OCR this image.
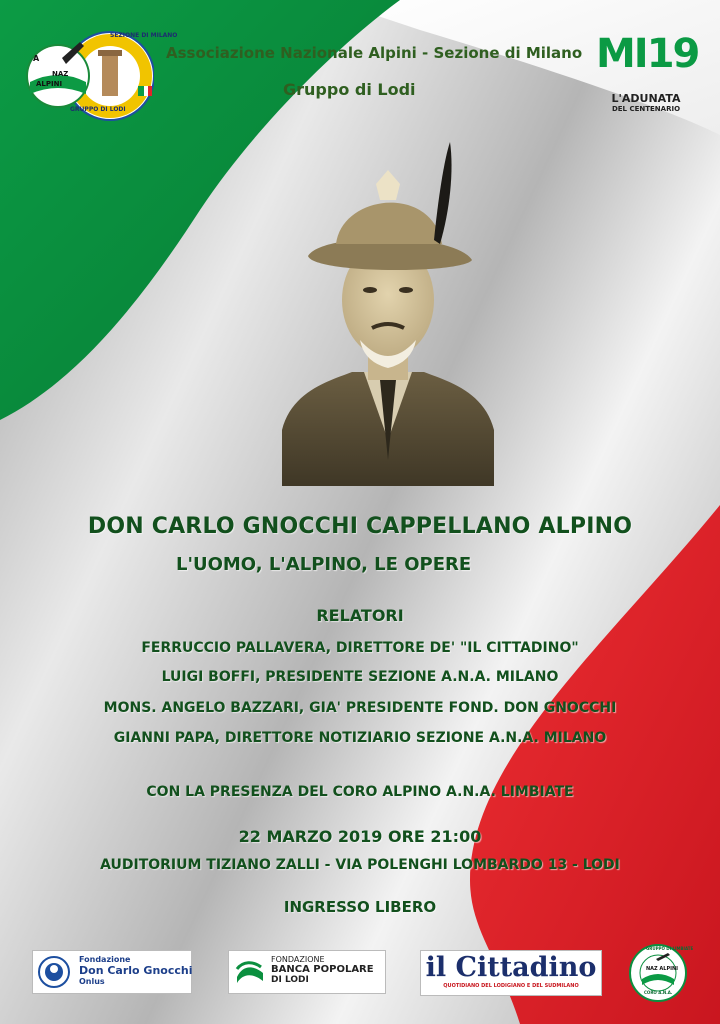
A
NAZ
ALPINI
SEZIONE DI MILANO
GRUPPO DI LODI
Associazione Nazionale Alpini - Sezione di Milano
Gruppo di Lodi
MI19
L'ADUNATA
DEL CENTENARIO
DON CARLO GNOCCHI CAPPELLANO ALPINO
L'UOMO, L'ALPINO, LE OPERE
RELATORI
FERRUCCIO PALLAVERA, DIRETTORE DE' "IL CITTADINO"
LUIGI BOFFI, PRESIDENTE SEZIONE A.N.A. MILANO
MONS. ANGELO BAZZARI, GIA' PRESIDENTE FOND. DON GNOCCHI
GIANNI PAPA, DIRETTORE NOTIZIARIO SEZIONE A.N.A. MILANO
CON LA PRESENZA DEL CORO ALPINO A.N.A. LIMBIATE
22 MARZO 2019 ORE 21:00
AUDITORIUM TIZIANO ZALLI - VIA POLENGHI LOMBARDO 13 - LODI
INGRESSO LIBERO
Fondazione
Don Carlo Gnocchi
Onlus
FONDAZIONE
BANCA POPOLARE
DI LODI	il Cittadino
QUOTIDIANO DEL LODIGIANO E DEL SUDMILANO
GRUPPO DI LIMBIATE
NAZ ALPINI
CORO A.N.A.
